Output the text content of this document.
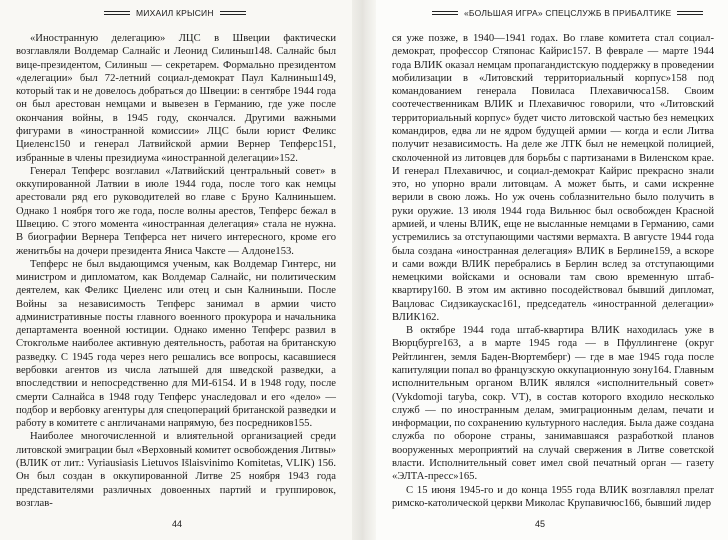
МИХАИЛ КРЫСИН

«Иностранную делегацию» ЛЦС в Швеции фактически возглавляли Волдемар Салнайс и Леонид Силиньш148. Салнайс был вице-президентом, Силиньш — секретарем. Формально президентом «делегации» был 72-летний социал-демократ Паул Калниньш149, который так и не довелось добраться до Швеции: в сентябре 1944 года он был арестован немцами и вывезен в Германию, где уже после окончания войны, в 1945 году, скончался. Другими важными фигурами в «иностранной комиссии» ЛЦС были юрист Феликс Циеленс150 и генерал Латвийской армии Вернер Тепферс151, избранные в члены президиума «иностранной делегации»152.

Генерал Тепферс возглавил «Латвийский центральный совет» в оккупированной Латвии в июле 1944 года, после того как немцы арестовали ряд его руководителей во главе с Бруно Калниньшем. Однако 1 ноября того же года, после волны арестов, Тепферс бежал в Швецию. С этого момента «иностранная делегация» стала не нужна. В биографии Вернера Тепферса нет ничего интересного, кроме его женитьбы на дочери президента Яниса Чаксте — Алдоне153.

Тепферс не был выдающимся ученым, как Волдемар Гинтерс, ни министром и дипломатом, как Волдемар Салнайс, ни политическим деятелем, как Феликс Циеленс или отец и сын Калниньши. После Войны за независимость Тепферс занимал в армии чисто административные посты главного военного прокурора и начальника департамента военной юстиции. Однако именно Тепферс развил в Стокгольме наиболее активную деятельность, работая на британскую разведку. С 1945 года через него решались все вопросы, касавшиеся вербовки агентов из числа латышей для шведской разведки, а впоследствии и непосредственно для МИ-6154. И в 1948 году, после смерти Салнайса в 1948 году Тепферс унаследовал и его «дело» — подбор и вербовку агентуры для спецопераций британской разведки и работу в комитете с англичанами напрямую, без посредников155.

Наиболее многочисленной и влиятельной организацией среди литовской эмиграции был «Верховный комитет освобождения Литвы» (ВЛИК от лит.: Vyriausiasis Lietuvos Išlaisvinimo Komitetas, VLIK) 156. Он был создан в оккупированной Литве 25 ноября 1943 года представителями различных довоенных партий и группировок, возглав-

44
«БОЛЬШАЯ ИГРА» СПЕЦСЛУЖБ В ПРИБАЛТИКЕ

ся уже позже, в 1940—1941 годах. Во главе комитета стал социал-демократ, профессор Стяпонас Кайрис157. В феврале — марте 1944 года ВЛИК оказал немцам пропагандистскую поддержку в проведении мобилизации в «Литовский территориальный корпус»158 под командованием генерала Повиласа Плехавичюса158. Своим соотечественникам ВЛИК и Плехавичюс говорили, что «Литовский территориальный корпус» будет чисто литовской частью без немецких командиров, едва ли не ядром будущей армии — когда и если Литва получит независимость. На деле же ЛТК был не немецкой полицией, сколоченной из литовцев для борьбы с партизанами в Виленском крае. И генерал Плехавичюс, и социал-демократ Кайрис прекрасно знали это, но упорно врали литовцам. А может быть, и сами искренне верили в свою ложь. Но уж очень соблазнительно было получить в руки оружие. 13 июля 1944 года Вильнюс был освобожден Красной армией, и члены ВЛИК, еще не высланные немцами в Германию, сами устремились за отступающими частями вермахта. В августе 1944 года была создана «иностранная делегация» ВЛИК в Берлине159, а вскоре и сами вожди ВЛИК перебрались в Берлин вслед за отступающими немецкими войсками и основали там свою временную штаб-квартиру160. В этом им активно посодействовал бывший дипломат, Вацловас Сидзикаускас161, председатель «иностранной делегации» ВЛИК162.

В октябре 1944 года штаб-квартира ВЛИК находилась уже в Вюрцбурге163, а в марте 1945 года — в Пфуллингене (округ Рейтлинген, земля Баден-Вюртемберг) — где в мае 1945 года после капитуляции попал во французскую оккупационную зону164. Главным исполнительным органом ВЛИК являлся «исполнительный совет» (Vykdomoji taryba, сокр. VT), в состав которого входило несколько служб — по иностранным делам, эмиграционным делам, печати и информации, по сохранению культурного наследия. Была даже создана служба по обороне страны, занимавшаяся разработкой планов вооруженных мероприятий на случай свержения в Литве советской власти. Исполнительный совет имел свой печатный орган — газету «ЭЛТА-пресс»165.

С 15 июня 1945-го и до конца 1955 года ВЛИК возглавлял прелат римско-католической церкви Миколас Крупавичюс166, бывший лидер

45
